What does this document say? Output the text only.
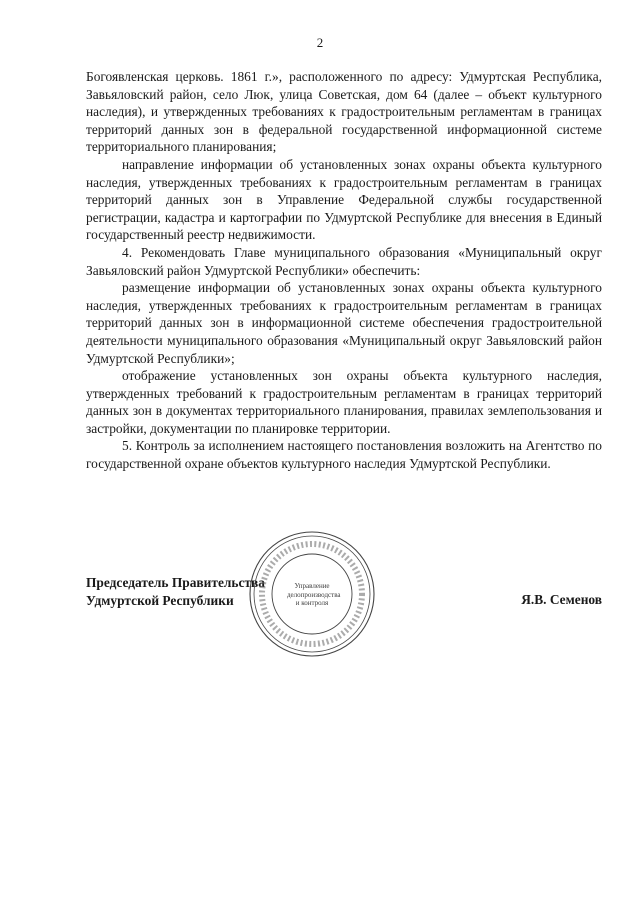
2

Богоявленская церковь. 1861 г.», расположенного по адресу: Удмуртская Республика, Завьяловский район, село Люк, улица Советская, дом 64 (далее – объект культурного наследия), и утвержденных требованиях к градостроительным регламентам в границах территорий данных зон в федеральной государственной информационной системе территориального планирования;

направление информации об установленных зонах охраны объекта культурного наследия, утвержденных требованиях к градостроительным регламентам в границах территорий данных зон в Управление Федеральной службы государственной регистрации, кадастра и картографии по Удмуртской Республике для внесения в Единый государственный реестр недвижимости.

4. Рекомендовать Главе муниципального образования «Муниципальный округ Завьяловский район Удмуртской Республики» обеспечить:

размещение информации об установленных зонах охраны объекта культурного наследия, утвержденных требованиях к градостроительным регламентам в границах территорий данных зон в информационной системе обеспечения градостроительной деятельности муниципального образования «Муниципальный округ Завьяловский район Удмуртской Республики»;

отображение установленных зон охраны объекта культурного наследия, утвержденных требований к градостроительным регламентам в границах территорий данных зон в документах территориального планирования, правилах землепользования и застройки, документации по планировке территории.

5. Контроль за исполнением настоящего постановления возложить на Агентство по государственной охране объектов культурного наследия Удмуртской Республики.

Председатель Правительства
Удмуртской Республики
Управление
делопроизводства
и контроля	Я.В. Семенов
